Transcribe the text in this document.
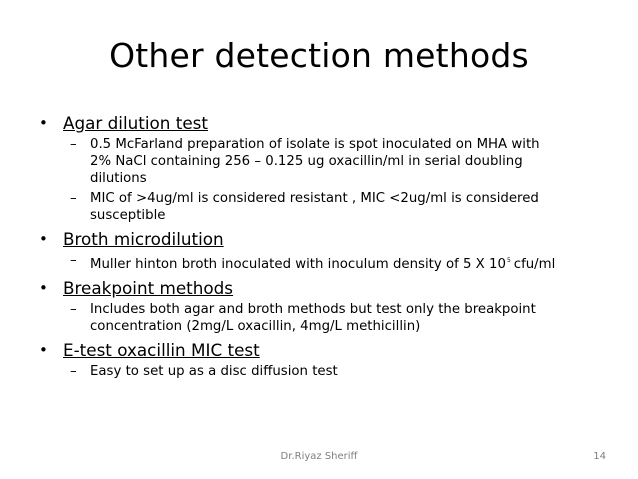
Other detection methods
• Agar dilution test
– 0.5 McFarland preparation of isolate is spot inoculated on MHA with
2% NaCl containing 256 – 0.125 ug oxacillin/ml in serial doubling
dilutions
– MIC of >4ug/ml is considered resistant , MIC <2ug/ml is considered
susceptible
• Broth microdilution
– Muller hinton broth inoculated with inoculum density of 5 X $10^5$ cfu/ml
• Breakpoint methods
– Includes both agar and broth methods but test only the breakpoint
concentration (2mg/L oxacillin, 4mg/L methicillin)
• E-test oxacillin MIC test
– Easy to set up as a disc diffusion test
Dr.Riyaz Sheriff	14
